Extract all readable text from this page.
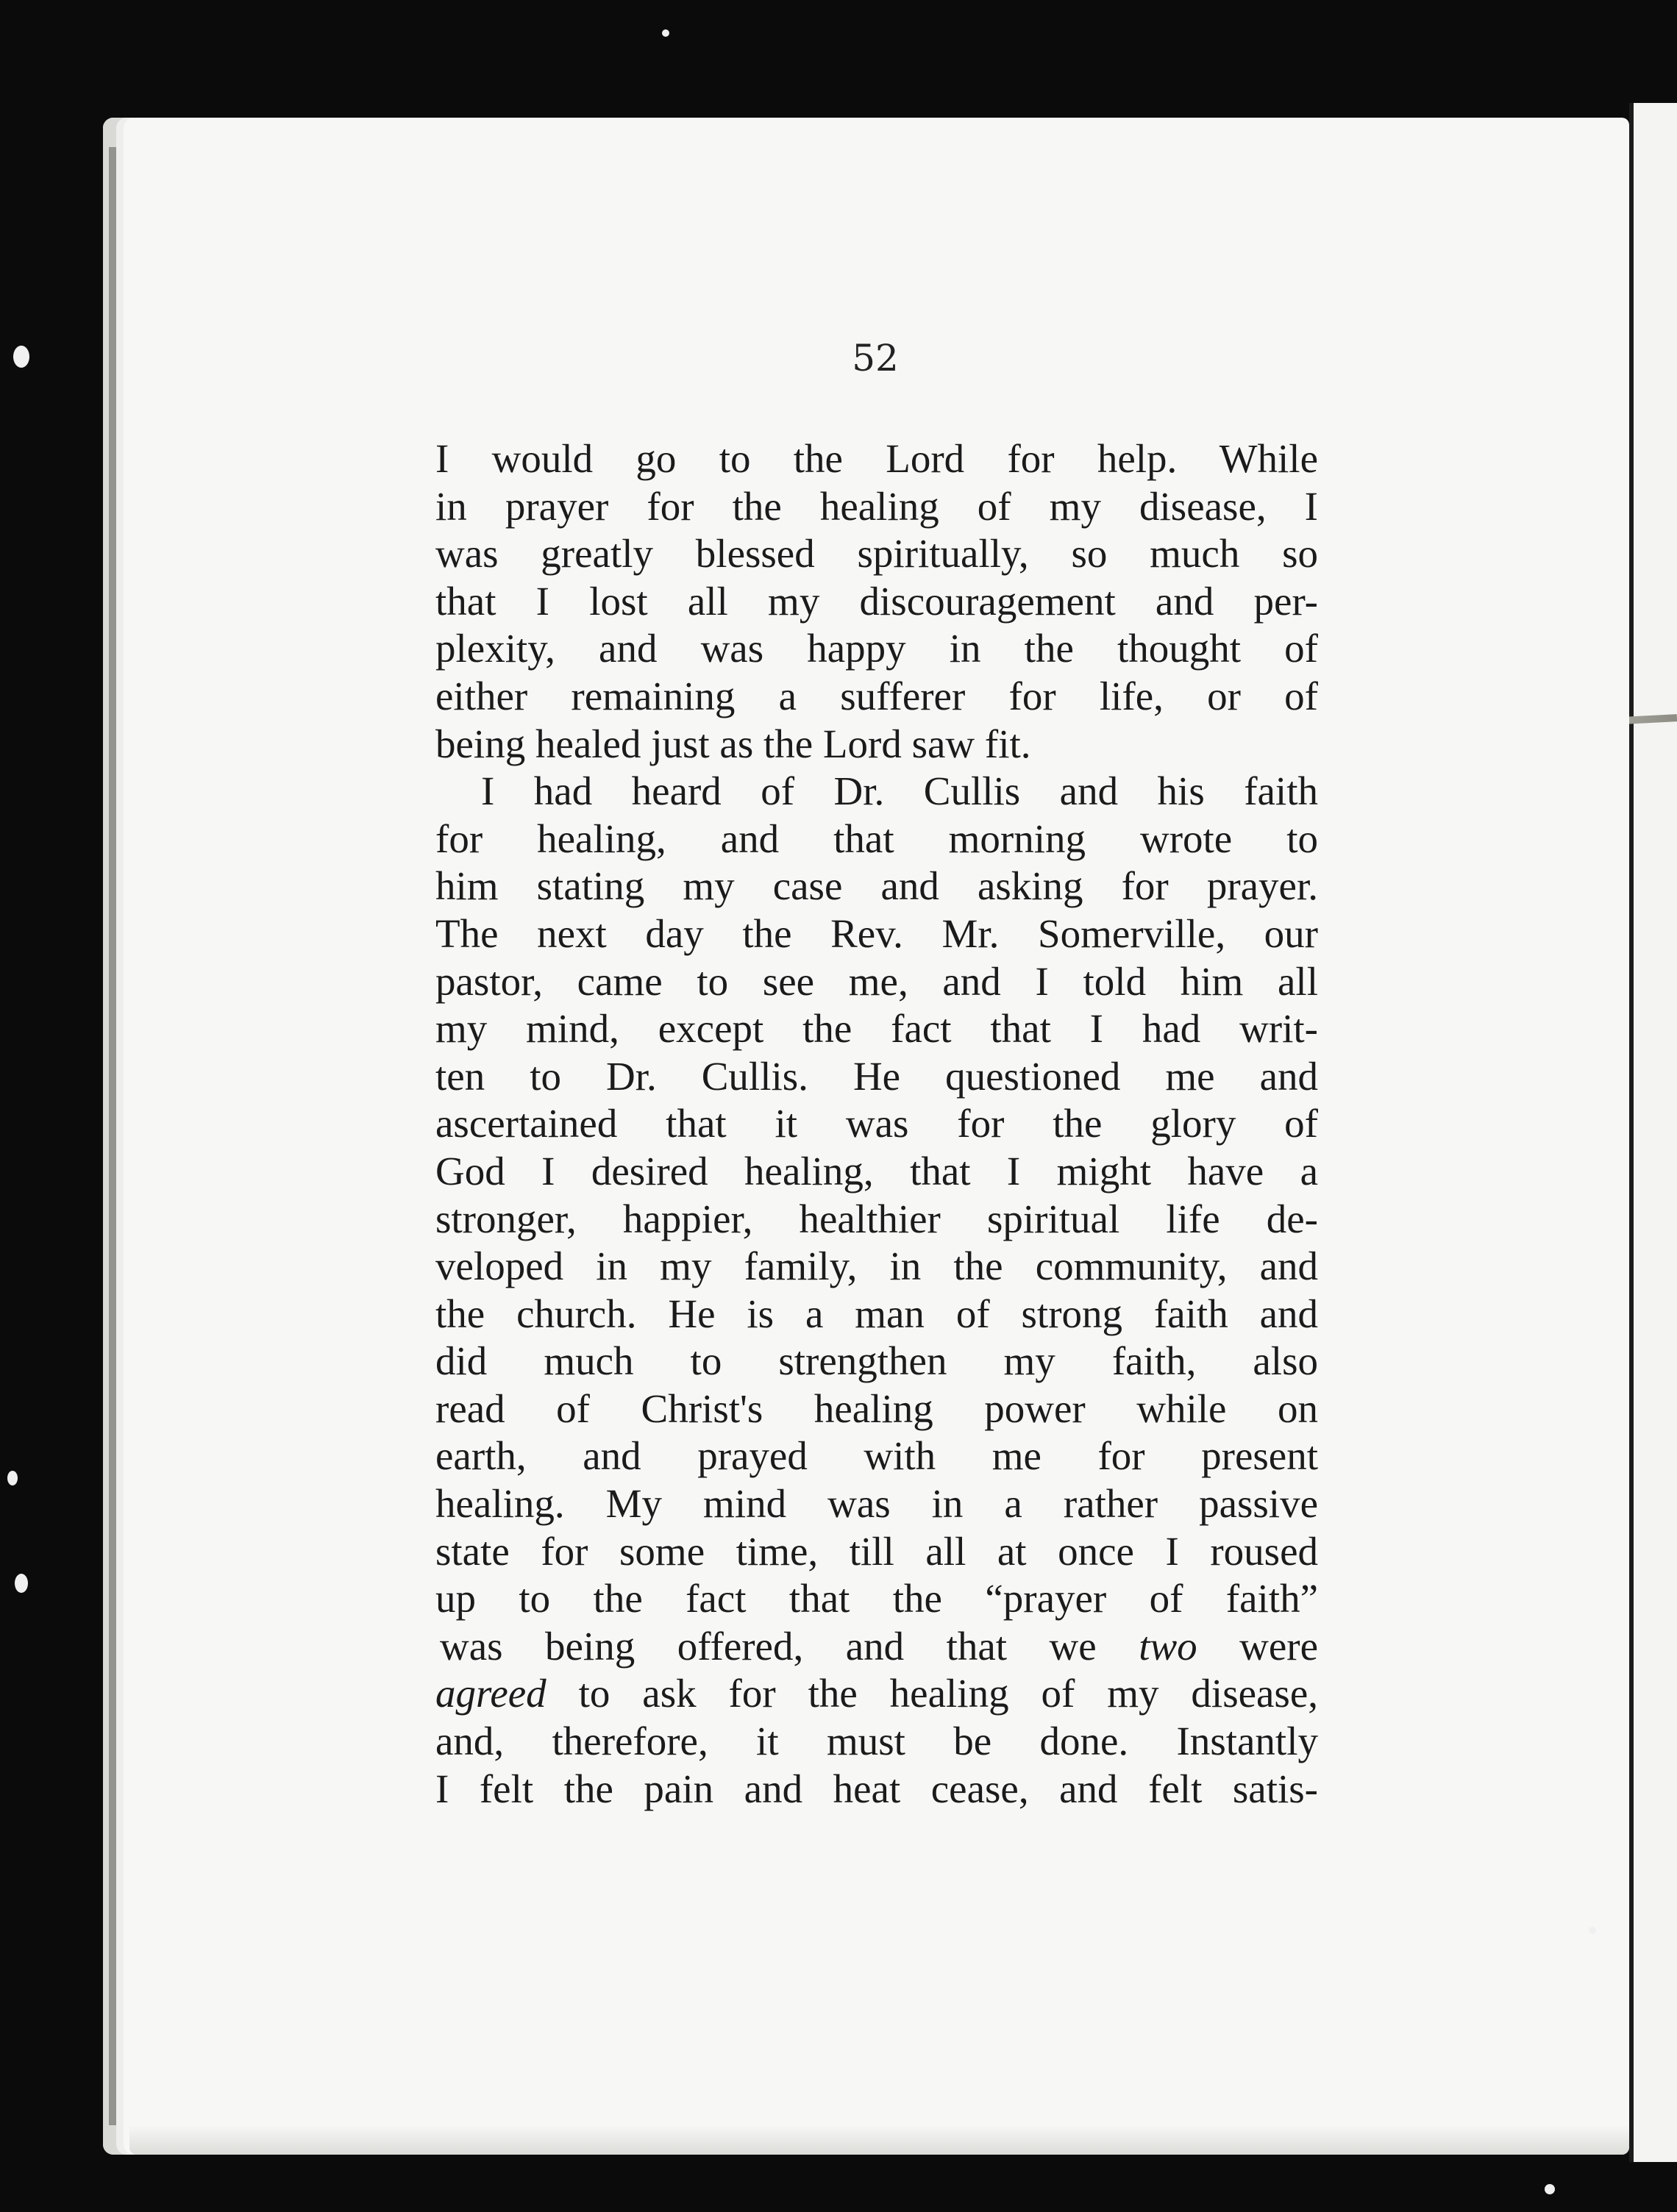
52
I would go to the Lord for help. While
in prayer for the healing of my disease, I
was greatly blessed spiritually, so much so
that I lost all my discouragement and per-
plexity, and was happy in the thought of
either remaining a sufferer for life, or of
being healed just as the Lord saw fit.
I had heard of Dr. Cullis and his faith
for healing, and that morning wrote to
him stating my case and asking for prayer.
The next day the Rev. Mr. Somerville, our
pastor, came to see me, and I told him all
my mind, except the fact that I had writ-
ten to Dr. Cullis. He questioned me and
ascertained that it was for the glory of
God I desired healing, that I might have a
stronger, happier, healthier spiritual life de-
veloped in my family, in the community, and
the church. He is a man of strong faith and
did much to strengthen my faith, also
read of Christ's healing power while on
earth, and prayed with me for present
healing. My mind was in a rather passive
state for some time, till all at once I roused
up to the fact that the “prayer of faith”
was being offered, and that we two were
agreed to ask for the healing of my disease,
and, therefore, it must be done. Instantly
I felt the pain and heat cease, and felt satis-
